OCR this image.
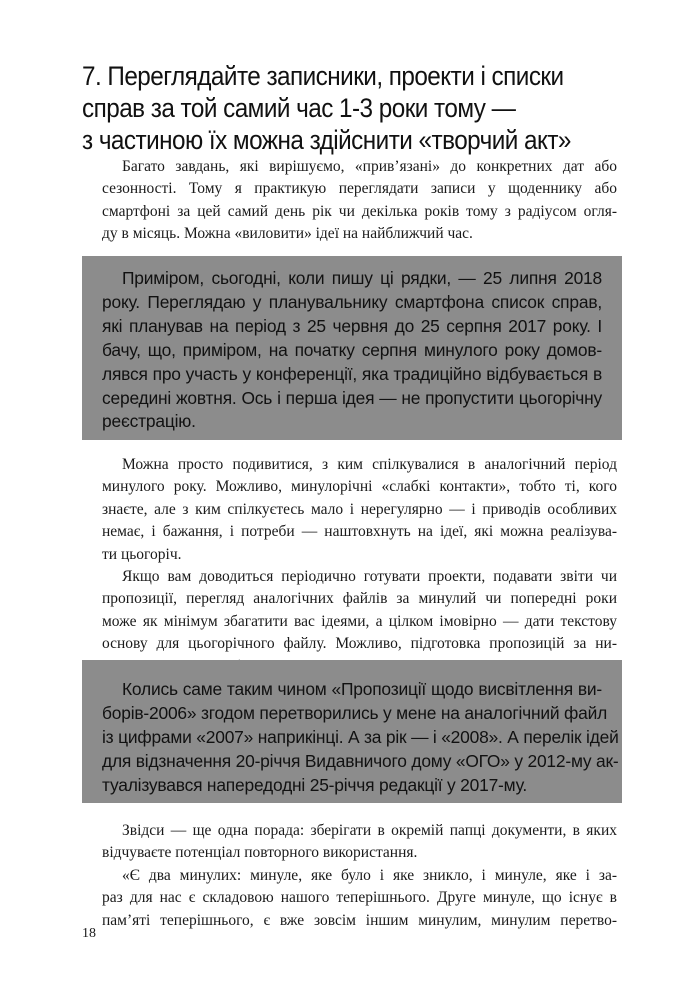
7. Переглядайте записники, проекти і списки
справ за той самий час 1-3 роки тому —
з частиною їх можна здійснити «творчий акт»

Багато завдань, які вирішуємо, «прив’язані» до конкретних дат або
сезонності. Тому я практикую переглядати записи у щоденнику або
смартфоні за цей самий день рік чи декілька років тому з радіусом огля-
ду в місяць. Можна «виловити» ідеї на найближчий час.

Приміром, сьогодні, коли пишу ці рядки, — 25 липня 2018
року. Переглядаю у планувальнику смартфона список справ,
які планував на період з 25 червня до 25 серпня 2017 року. І
бачу, що, приміром, на початку серпня минулого року домов-
лявся про участь у конференції, яка традиційно відбувається в
середині жовтня. Ось і перша ідея — не пропустити цьогорічну
реєстрацію.

Можна просто подивитися, з ким спілкувалися в аналогічний період
минулого року. Можливо, минулорічні «слабкі контакти», тобто ті, кого
знаєте, але з ким спілкуєтесь мало і нерегулярно — і приводів особливих
немає, і бажання, і потреби — наштовхнуть на ідеї, які можна реалізува-
ти цьогоріч.

Якщо вам доводиться періодично готувати проекти, подавати звіти чи
пропозиції, перегляд аналогічних файлів за минулий чи попередні роки
може як мінімум збагатити вас ідеями, а цілком імовірно — дати текстову
основу для цьогорічного файлу. Можливо, підготовка пропозицій за ни-

Колись саме таким чином «Пропозиції щодо висвітлення ви-
борів-2006» згодом перетворились у мене на аналогічний файл
із цифрами «2007» наприкінці. А за рік — і «2008». А перелік ідей
для відзначення 20-річчя Видавничого дому «ОГО» у 2012-му ак-
туалізувався напередодні 25-річчя редакції у 2017-му.

Звідси — ще одна порада: зберігати в окремій папці документи, в яких
відчуваєте потенціал повторного використання.

«Є два минулих: минуле, яке було і яке зникло, і минуле, яке і за-
раз для нас є складовою нашого теперішнього. Друге минуле, що існує в
пам’яті теперішнього, є вже зовсім іншим минулим, минулим перетво-

18
